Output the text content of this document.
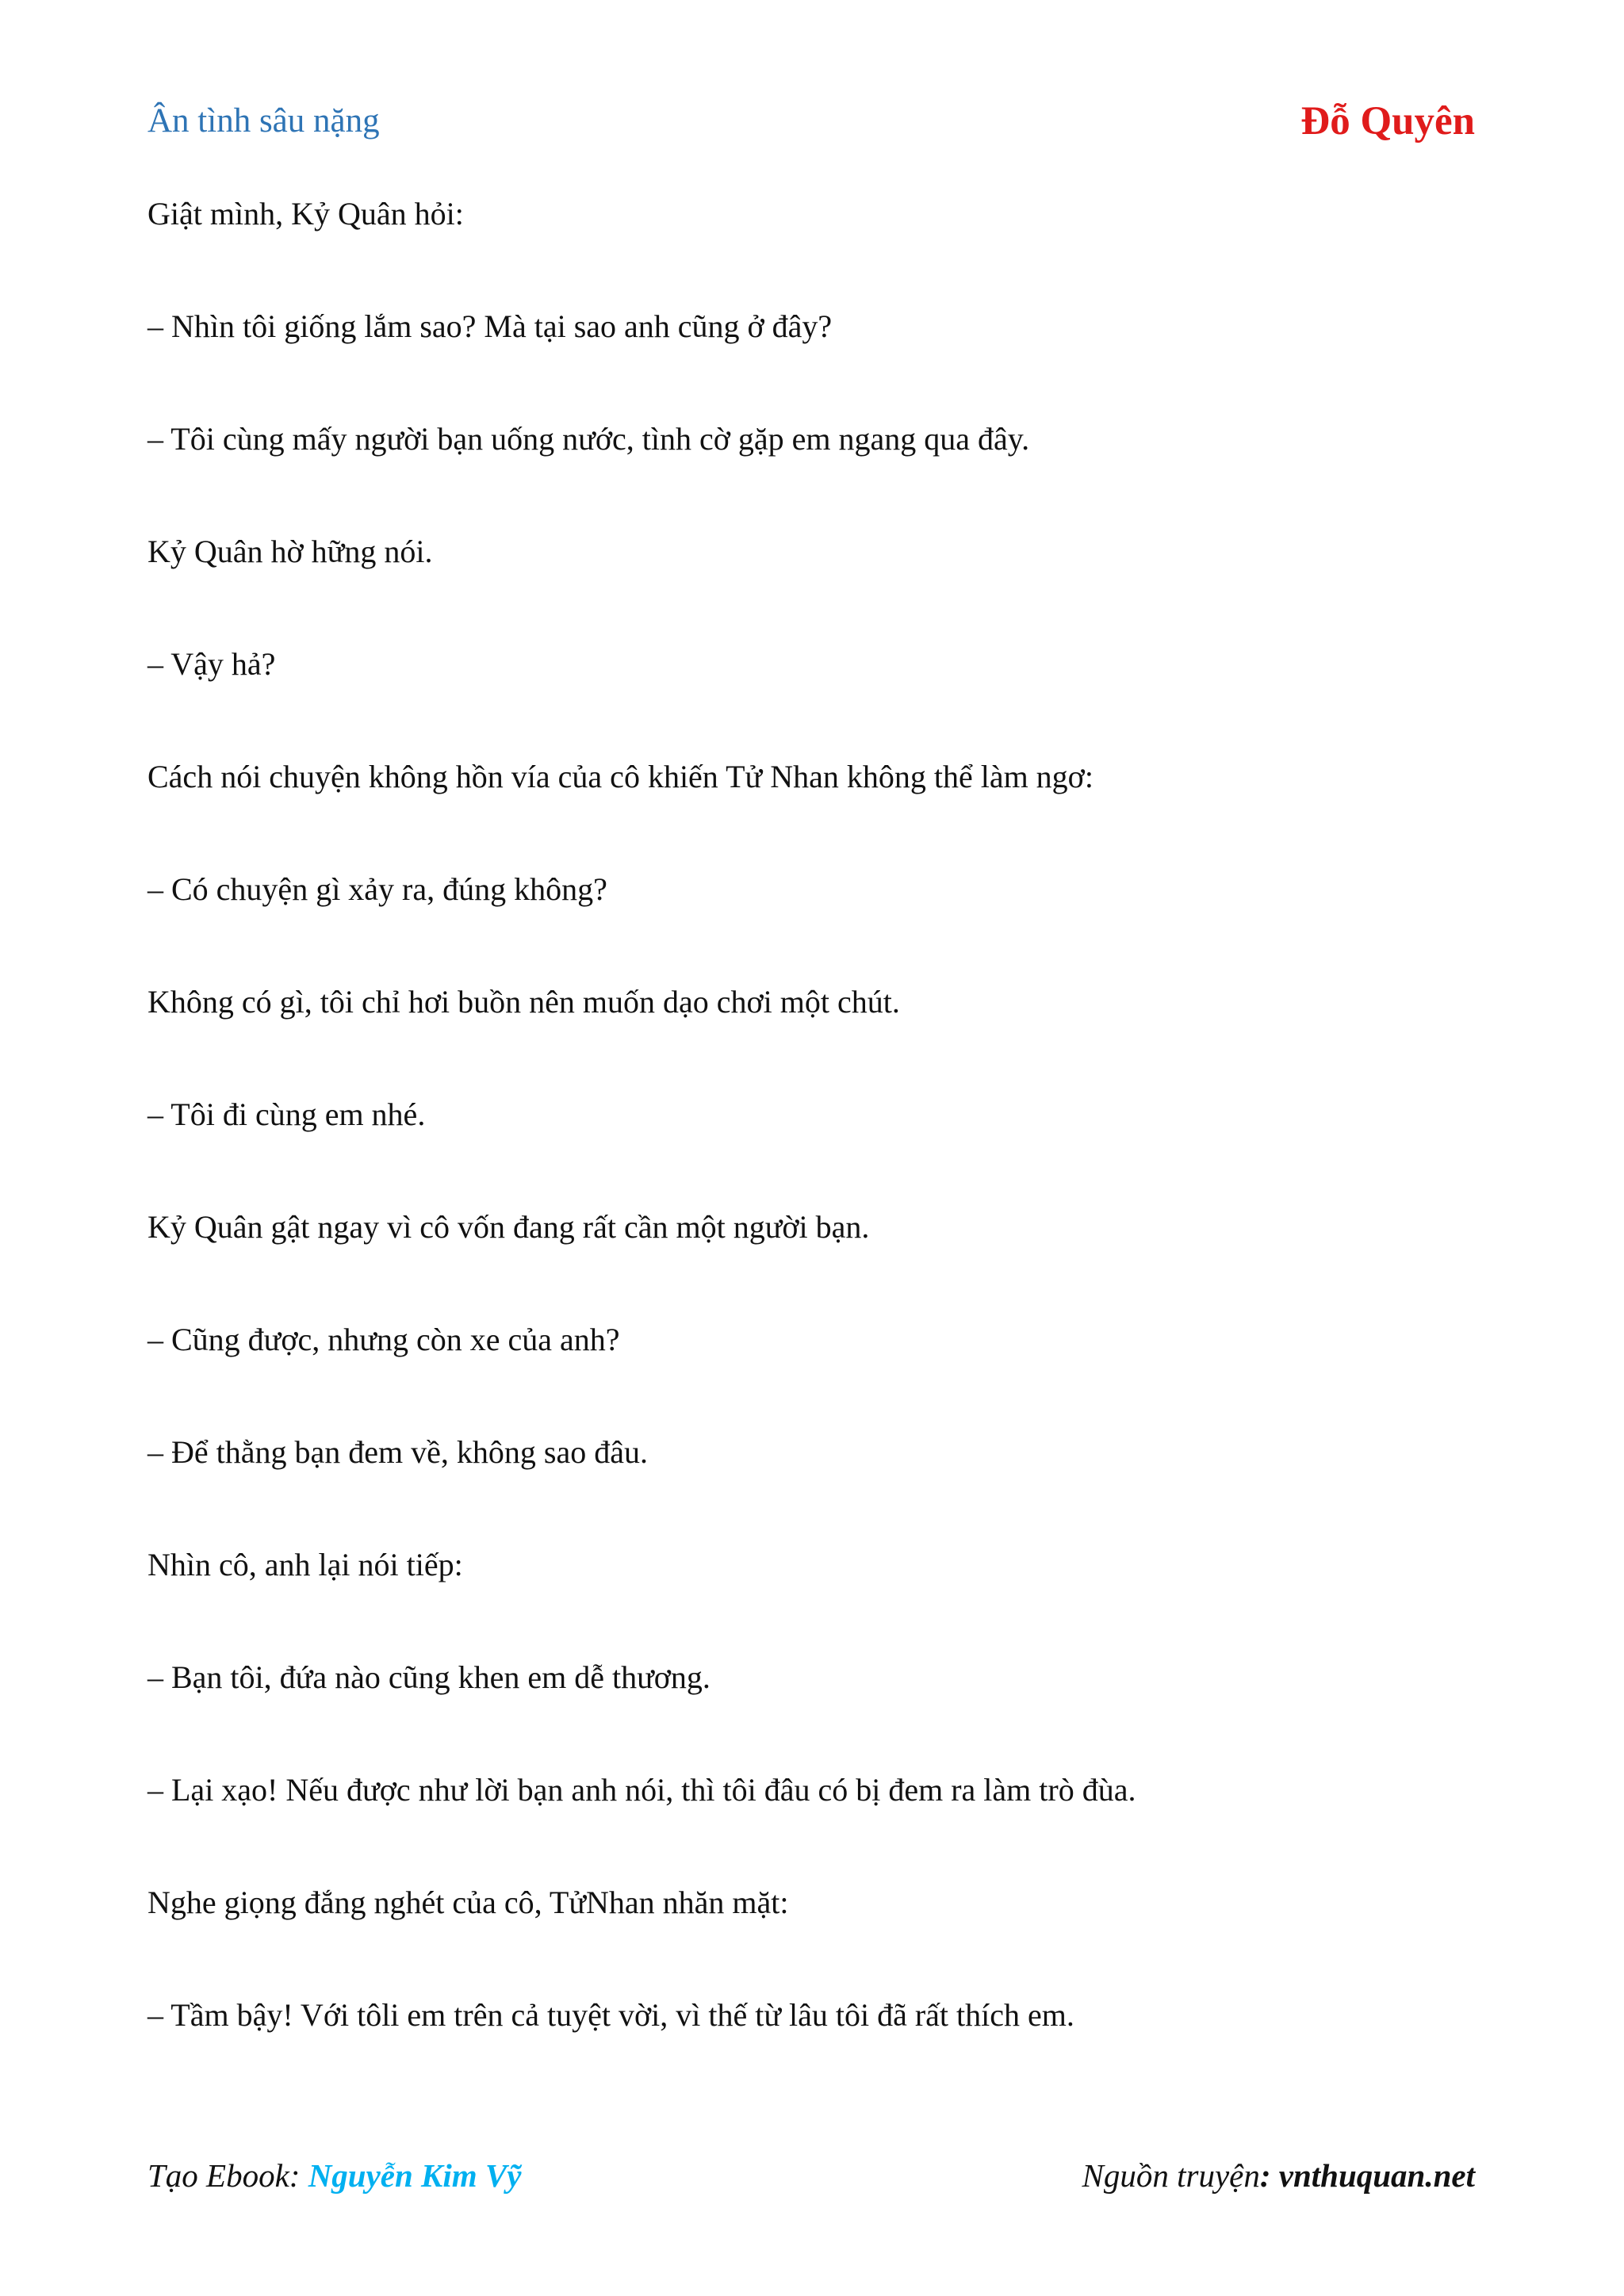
Ân tình sâu nặng	Đỗ Quyên

Giật mình, Kỷ Quân hỏi:

– Nhìn tôi giống lắm sao? Mà tại sao anh cũng ở đây?

– Tôi cùng mấy người bạn uống nước, tình cờ gặp em ngang qua đây.

Kỷ Quân hờ hững nói.

– Vậy hả?

Cách nói chuyện không hồn vía của cô khiến Tử Nhan không thể làm ngơ:

– Có chuyện gì xảy ra, đúng không?

Không có gì, tôi chỉ hơi buồn nên muốn dạo chơi một chút.

– Tôi đi cùng em nhé.

Kỷ Quân gật ngay vì cô vốn đang rất cần một người bạn.

– Cũng được, nhưng còn xe của anh?

– Để thằng bạn đem về, không sao đâu.

Nhìn cô, anh lại nói tiếp:

– Bạn tôi, đứa nào cũng khen em dễ thương.

– Lại xạo! Nếu được như lời bạn anh nói, thì tôi đâu có bị đem ra làm trò đùa.

Nghe giọng đắng nghét của cô, TửNhan nhăn mặt:

– Tầm bậy! Với tôli em trên cả tuyệt vời, vì thế từ lâu tôi đã rất thích em.

Tạo Ebook: Nguyễn Kim Vỹ	Nguồn truyện: vnthuquan.net
